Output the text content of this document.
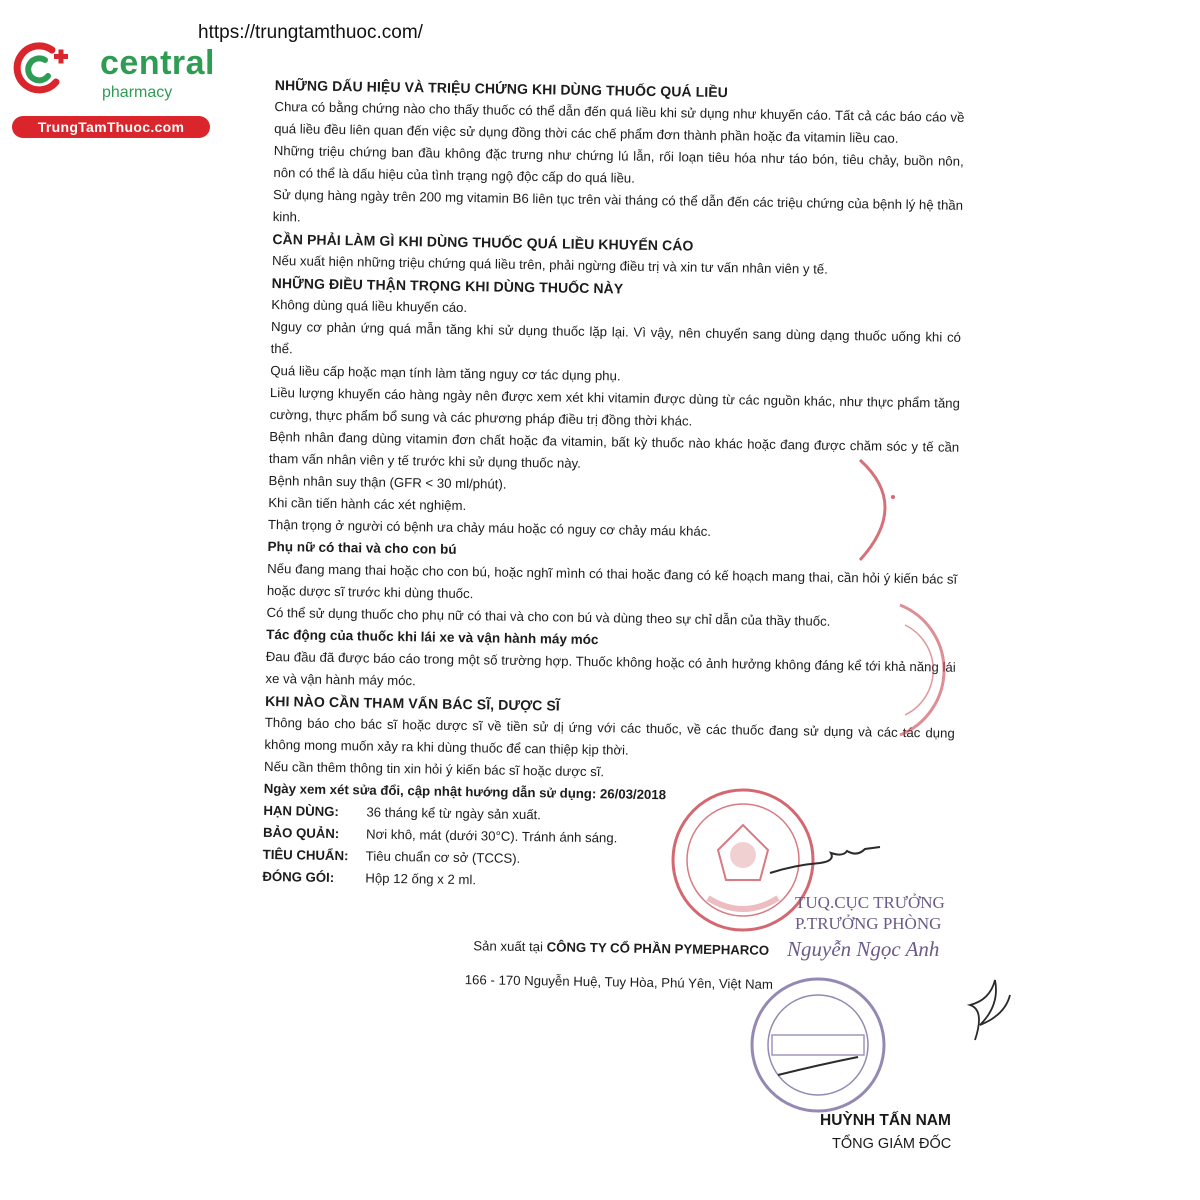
https://trungtamthuoc.com/
central
pharmacy
TrungTamThuoc.com
NHỮNG DẤU HIỆU VÀ TRIỆU CHỨNG KHI DÙNG THUỐC QUÁ LIỀU
Chưa có bằng chứng nào cho thấy thuốc có thể dẫn đến quá liều khi sử dụng như khuyến cáo. Tất cả các báo cáo về quá liều đều liên quan đến việc sử dụng đồng thời các chế phẩm đơn thành phần hoặc đa vitamin liều cao.
Những triệu chứng ban đầu không đặc trưng như chứng lú lẫn, rối loạn tiêu hóa như táo bón, tiêu chảy, buồn nôn, nôn có thể là dấu hiệu của tình trạng ngộ độc cấp do quá liều.
Sử dụng hàng ngày trên 200 mg vitamin B6 liên tục trên vài tháng có thể dẫn đến các triệu chứng của bệnh lý hệ thần kinh.
CẦN PHẢI LÀM GÌ KHI DÙNG THUỐC QUÁ LIỀU KHUYẾN CÁO
Nếu xuất hiện những triệu chứng quá liều trên, phải ngừng điều trị và xin tư vấn nhân viên y tế.
NHỮNG ĐIỀU THẬN TRỌNG KHI DÙNG THUỐC NÀY
Không dùng quá liều khuyến cáo.
Nguy cơ phản ứng quá mẫn tăng khi sử dụng thuốc lặp lại. Vì vậy, nên chuyển sang dùng dạng thuốc uống khi có thể.
Quá liều cấp hoặc mạn tính làm tăng nguy cơ tác dụng phụ.
Liều lượng khuyến cáo hàng ngày nên được xem xét khi vitamin được dùng từ các nguồn khác, như thực phẩm tăng cường, thực phẩm bổ sung và các phương pháp điều trị đồng thời khác.
Bệnh nhân đang dùng vitamin đơn chất hoặc đa vitamin, bất kỳ thuốc nào khác hoặc đang được chăm sóc y tế cần tham vấn nhân viên y tế trước khi sử dụng thuốc này.
Bệnh nhân suy thận (GFR < 30 ml/phút).
Khi cần tiến hành các xét nghiệm.
Thận trọng ở người có bệnh ưa chảy máu hoặc có nguy cơ chảy máu khác.
Phụ nữ có thai và cho con bú
Nếu đang mang thai hoặc cho con bú, hoặc nghĩ mình có thai hoặc đang có kế hoạch mang thai, cần hỏi ý kiến bác sĩ hoặc dược sĩ trước khi dùng thuốc.
Có thể sử dụng thuốc cho phụ nữ có thai và cho con bú và dùng theo sự chỉ dẫn của thầy thuốc.
Tác động của thuốc khi lái xe và vận hành máy móc
Đau đầu đã được báo cáo trong một số trường hợp. Thuốc không hoặc có ảnh hưởng không đáng kể tới khả năng lái xe và vận hành máy móc.
KHI NÀO CẦN THAM VẤN BÁC SĨ, DƯỢC SĨ
Thông báo cho bác sĩ hoặc dược sĩ về tiền sử dị ứng với các thuốc, về các thuốc đang sử dụng và các tác dụng không mong muốn xảy ra khi dùng thuốc để can thiệp kịp thời.
Nếu cần thêm thông tin xin hỏi ý kiến bác sĩ hoặc dược sĩ.
Ngày xem xét sửa đổi, cập nhật hướng dẫn sử dụng: 26/03/2018
HẠN DÙNG:	36 tháng kể từ ngày sản xuất.
BẢO QUẢN:	Nơi khô, mát (dưới 30°C). Tránh ánh sáng.
TIÊU CHUẨN:	Tiêu chuẩn cơ sở (TCCS).
ĐÓNG GÓI:	Hộp 12 ống x 2 ml.
Sản xuất tại CÔNG TY CỔ PHẦN PYMEPHARCO
166 - 170 Nguyễn Huệ, Tuy Hòa, Phú Yên, Việt Nam
TUQ.CỤC TRƯỞNG
P.TRƯỞNG PHÒNG
Nguyễn Ngọc Anh
HUỲNH TẤN NAM
TỔNG GIÁM ĐỐC
